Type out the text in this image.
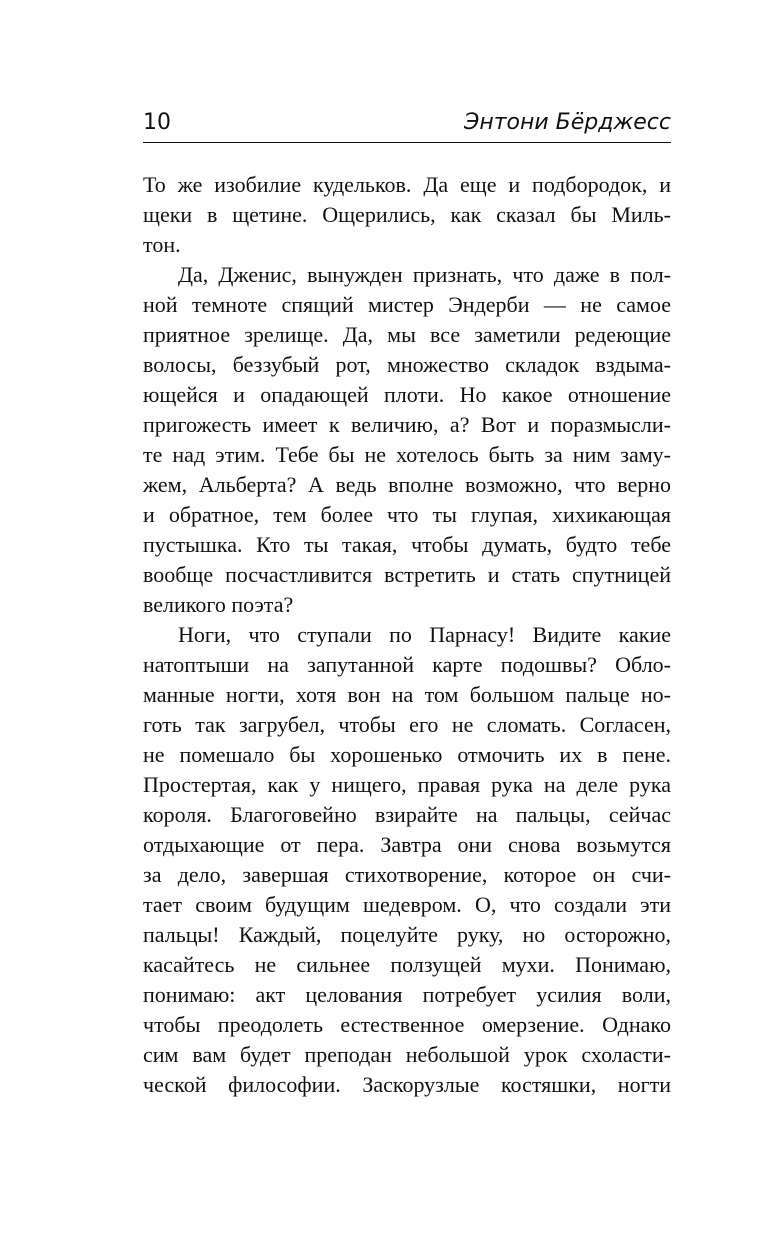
10	Энтони Бёрджесс
То же изобилие кудельков. Да еще и подбородок, и
щеки в щетине. Ощерились, как сказал бы Миль-
тон.
Да, Дженис, вынужден признать, что даже в пол-
ной темноте спящий мистер Эндерби — не самое
приятное зрелище. Да, мы все заметили редеющие
волосы, беззубый рот, множество складок вздыма-
ющейся и опадающей плоти. Но какое отношение
пригожесть имеет к величию, а? Вот и поразмысли-
те над этим. Тебе бы не хотелось быть за ним заму-
жем, Альберта? А ведь вполне возможно, что верно
и обратное, тем более что ты глупая, хихикающая
пустышка. Кто ты такая, чтобы думать, будто тебе
вообще посчастливится встретить и стать спутницей
великого поэта?
Ноги, что ступали по Парнасу! Видите какие
натоптыши на запутанной карте подошвы? Обло-
манные ногти, хотя вон на том большом пальце но-
готь так загрубел, чтобы его не сломать. Согласен,
не помешало бы хорошенько отмочить их в пене.
Простертая, как у нищего, правая рука на деле рука
короля. Благоговейно взирайте на пальцы, сейчас
отдыхающие от пера. Завтра они снова возьмутся
за дело, завершая стихотворение, которое он счи-
тает своим будущим шедевром. О, что создали эти
пальцы! Каждый, поцелуйте руку, но осторожно,
касайтесь не сильнее ползущей мухи. Понимаю,
понимаю: акт целования потребует усилия воли,
чтобы преодолеть естественное омерзение. Однако
сим вам будет преподан небольшой урок схоласти-
ческой философии. Заскорузлые костяшки, ногти
